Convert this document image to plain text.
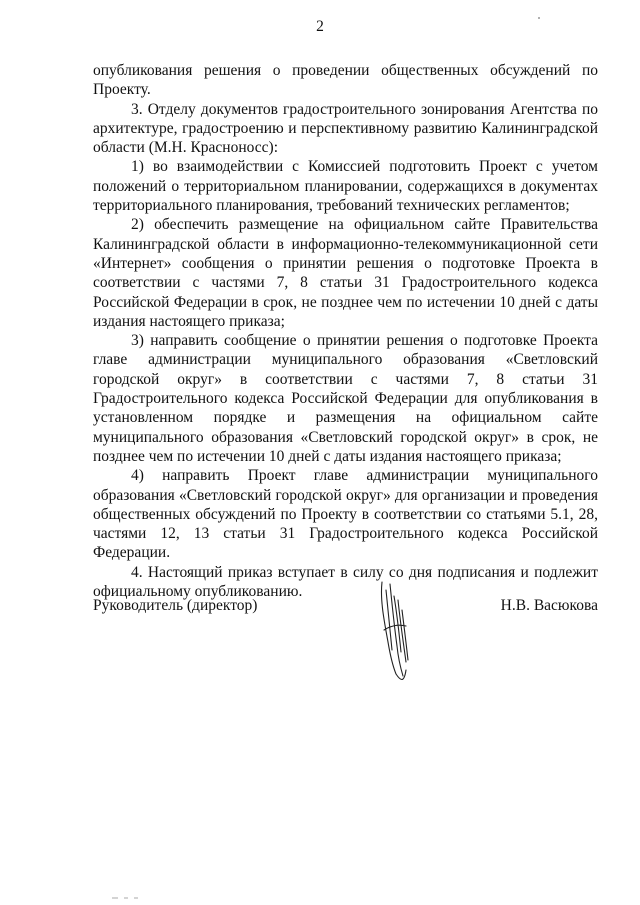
2

опубликования решения о проведении общественных обсуждений по Проекту.

3. Отделу документов градостроительного зонирования Агентства по архитектуре, градостроению и перспективному развитию Калининградской области (М.Н. Красноносс):

1) во взаимодействии с Комиссией подготовить Проект с учетом положений о территориальном планировании, содержащихся в документах территориального планирования, требований технических регламентов;

2) обеспечить размещение на официальном сайте Правительства Калининградской области в информационно-телекоммуникационной сети «Интернет» сообщения о принятии решения о подготовке Проекта в соответствии с частями 7, 8 статьи 31 Градостроительного кодекса Российской Федерации в срок, не позднее чем по истечении 10 дней с даты издания настоящего приказа;

3) направить сообщение о принятии решения о подготовке Проекта главе администрации муниципального образования «Светловский городской округ» в соответствии с частями 7, 8 статьи 31 Градостроительного кодекса Российской Федерации для опубликования в установленном порядке и размещения на официальном сайте муниципального образования «Светловский городской округ» в срок, не позднее чем по истечении 10 дней с даты издания настоящего приказа;

4) направить Проект главе администрации муниципального образования «Светловский городской округ» для организации и проведения общественных обсуждений по Проекту в соответствии со статьями 5.1, 28, частями 12, 13 статьи 31 Градостроительного кодекса Российской Федерации.

4. Настоящий приказ вступает в силу со дня подписания и подлежит официальному опубликованию.

Руководитель (директор)	Н.В. Васюкова
